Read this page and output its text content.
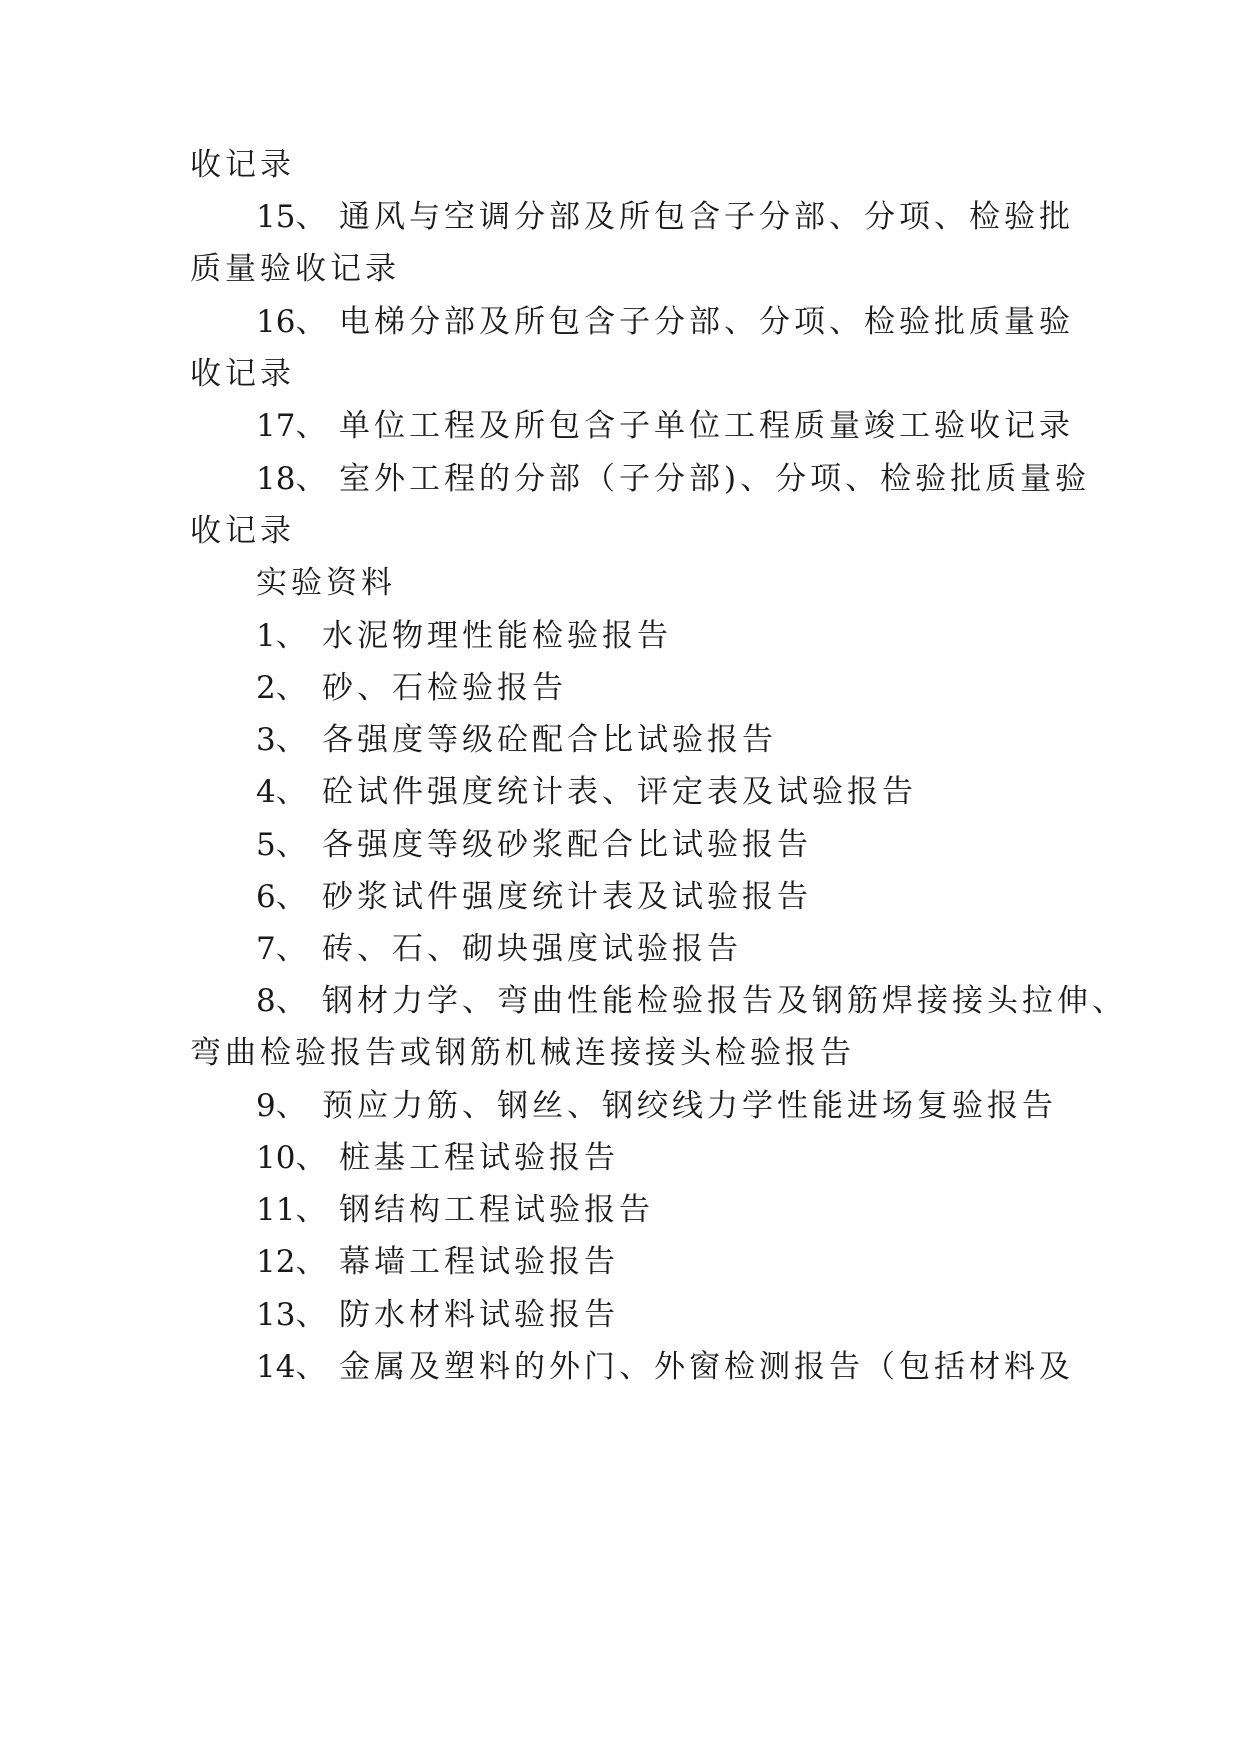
收记录
15、 通风与空调分部及所包含子分部、分项、检验批
质量验收记录
16、 电梯分部及所包含子分部、分项、检验批质量验
收记录
17、 单位工程及所包含子单位工程质量竣工验收记录
18、 室外工程的分部（子分部)、分项、检验批质量验
收记录
实验资料
1、 水泥物理性能检验报告
2、 砂、石检验报告
3、 各强度等级砼配合比试验报告
4、 砼试件强度统计表、评定表及试验报告
5、 各强度等级砂浆配合比试验报告
6、 砂浆试件强度统计表及试验报告
7、 砖、石、砌块强度试验报告
8、 钢材力学、弯曲性能检验报告及钢筋焊接接头拉伸、
弯曲检验报告或钢筋机械连接接头检验报告
9、 预应力筋、钢丝、钢绞线力学性能进场复验报告
10、 桩基工程试验报告
11、 钢结构工程试验报告
12、 幕墙工程试验报告
13、 防水材料试验报告
14、 金属及塑料的外门、外窗检测报告（包括材料及
